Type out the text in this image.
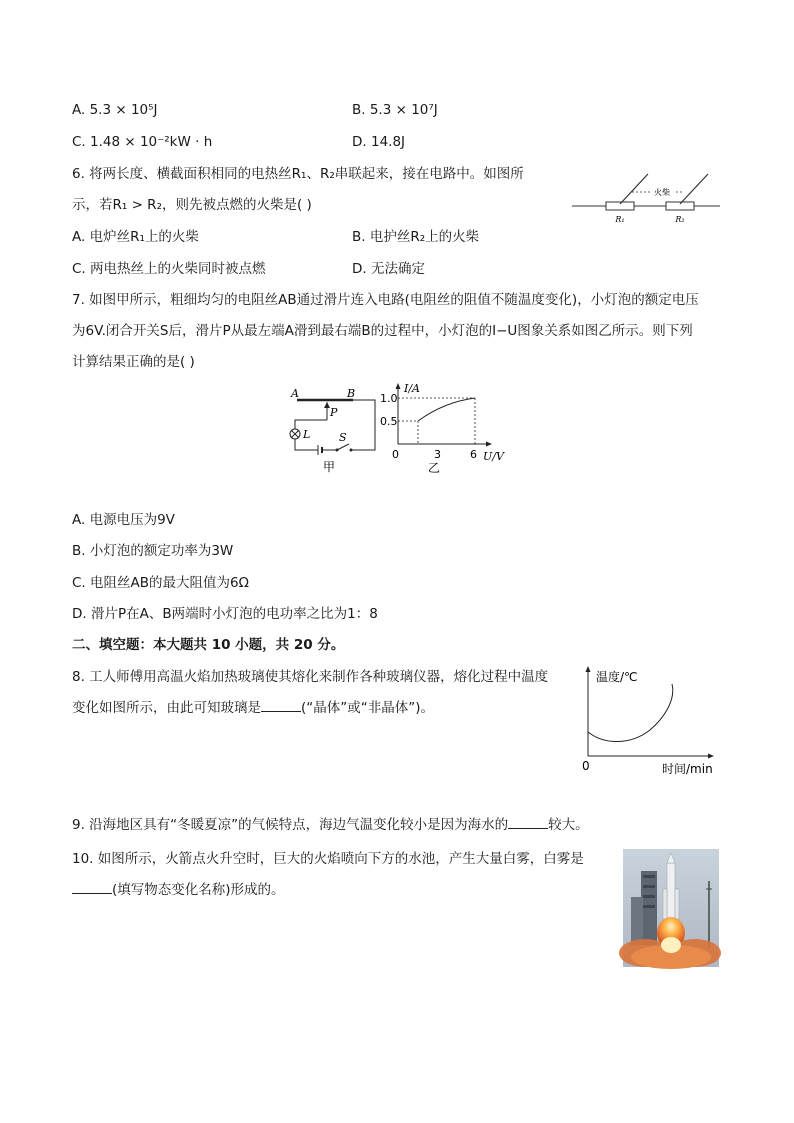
A. 5.3 × 10⁵J	B. 5.3 × 10⁷J
C. 1.48 × 10⁻²kW · h	D. 14.8J
6. 将两长度、横截面积相同的电热丝R₁、R₂串联起来，接在电路中。如图所
示，若R₁ > R₂，则先被点燃的火柴是( )
A. 电炉丝R₁上的火柴	B. 电护丝R₂上的火柴
C. 两电热丝上的火柴同时被点燃	D. 无法确定
火柴
R₁	R₂
7. 如图甲所示，粗细均匀的电阻丝AB通过滑片连入电路(电阻丝的阻值不随温度变化)，小灯泡的额定电压
为6V.闭合开关S后，滑片P从最左端A滑到最右端B的过程中，小灯泡的I−U图象关系如图乙所示。则下列
计算结果正确的是( )
A	B
P
L	S
甲
I/A
1.0
0.5
0	3	6 U/V
乙
A. 电源电压为9V
B. 小灯泡的额定功率为3W
C. 电阻丝AB的最大阻值为6Ω
D. 滑片P在A、B两端时小灯泡的电功率之比为1：8
二、填空题：本大题共 10 小题，共 20 分。
8. 工人师傅用高温火焰加热玻璃使其熔化来制作各种玻璃仪器，熔化过程中温度
变化如图所示，由此可知玻璃是	(“晶体”或“非晶体”)。
温度/℃
0	时间/min
9. 沿海地区具有“冬暖夏凉”的气候特点，海边气温变化较小是因为海水的	较大。
10. 如图所示，火箭点火升空时，巨大的火焰喷向下方的水池，产生大量白雾，白雾是
(填写物态变化名称)形成的。
